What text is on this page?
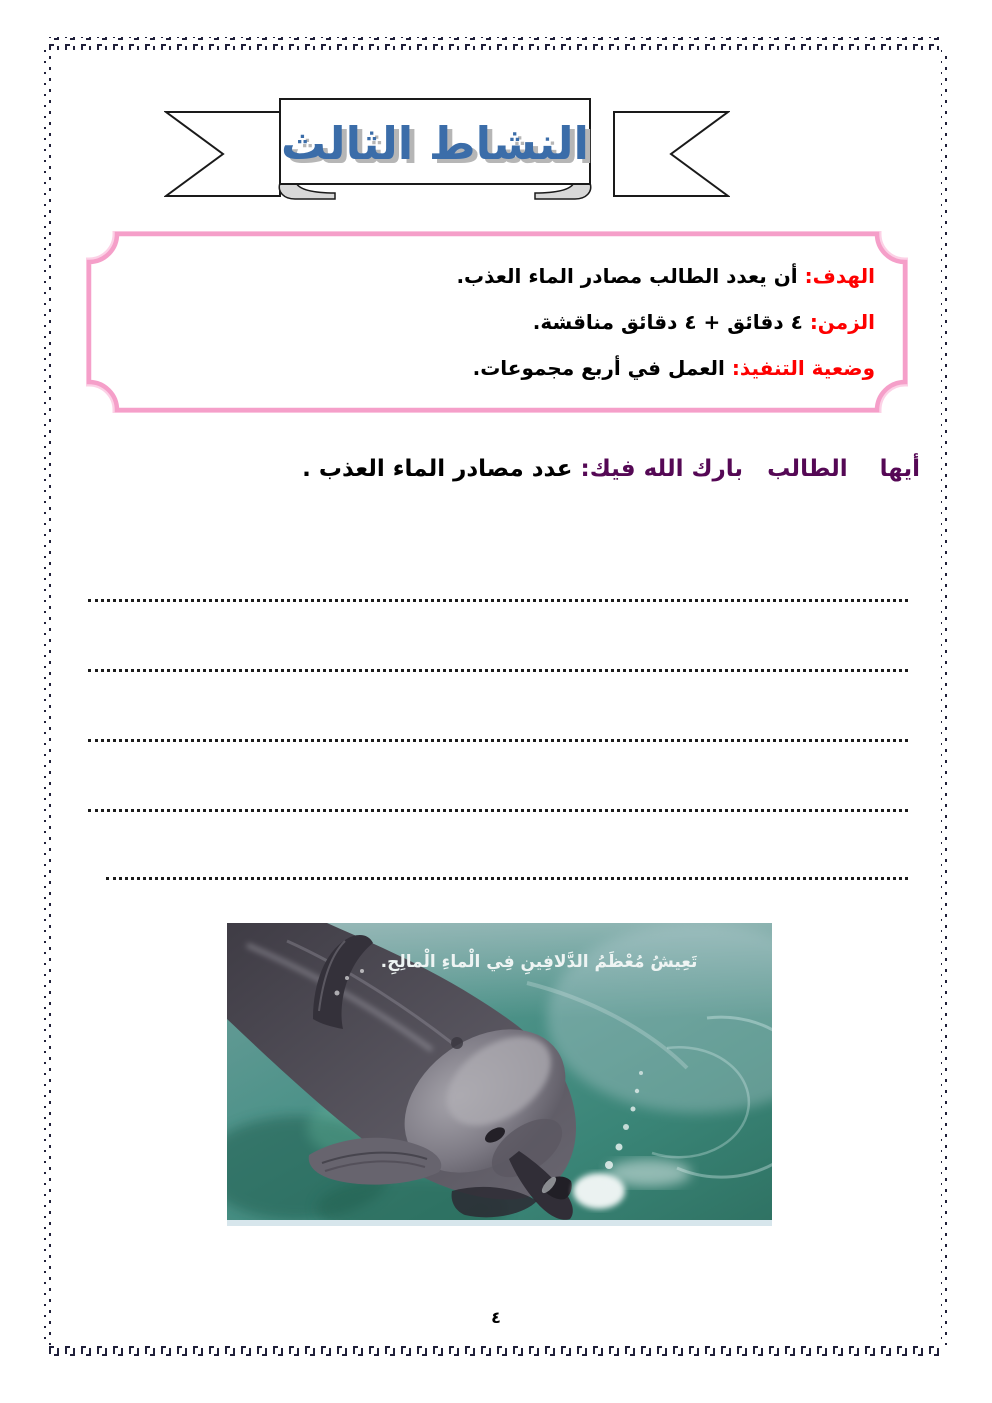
النشاط الثالث
الهدف:أن يعدد الطالب مصادر الماء العذب.
الزمن:٤ دقائق + ٤ دقائق مناقشة.
وضعية التنفيذ:العمل في أربع مجموعات.
أيها    الطالب   بارك الله فيك: عدد مصادر الماء العذب .
تَعِيشُ مُعْظَمُ الدَّلافِينِ فِي الْماءِ الْمالِحِ.
٤
